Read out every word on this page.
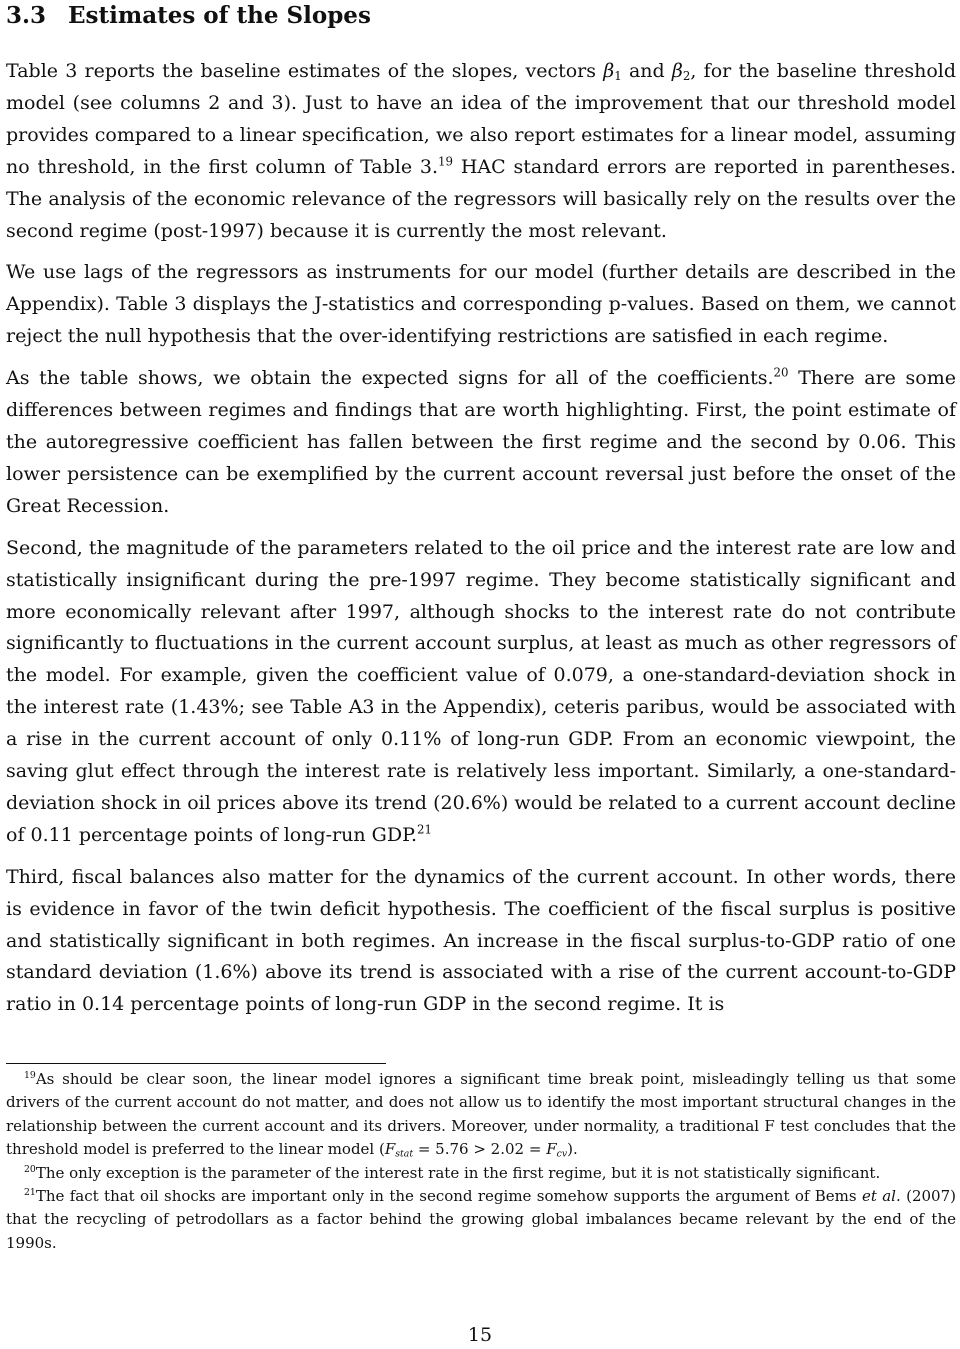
3.3 Estimates of the Slopes

Table 3 reports the baseline estimates of the slopes, vectors $\beta_1$ and $\beta_2$, for the baseline threshold model (see columns 2 and 3). Just to have an idea of the improvement that our threshold model provides compared to a linear specification, we also report estimates for a linear model, assuming no threshold, in the first column of Table 3.19 HAC standard errors are reported in parentheses. The analysis of the economic relevance of the regressors will basically rely on the results over the second regime (post-1997) because it is currently the most relevant.

We use lags of the regressors as instruments for our model (further details are described in the Appendix). Table 3 displays the J-statistics and corresponding p-values. Based on them, we cannot reject the null hypothesis that the over-identifying restrictions are satisfied in each regime.

As the table shows, we obtain the expected signs for all of the coefficients.$^{20}$ There are some differences between regimes and findings that are worth highlighting. First, the point estimate of the autoregressive coefficient has fallen between the first regime and the second by 0.06. This lower persistence can be exemplified by the current account reversal just before the onset of the Great Recession.

Second, the magnitude of the parameters related to the oil price and the interest rate are low and statistically insignificant during the pre-1997 regime. They become statistically significant and more economically relevant after 1997, although shocks to the interest rate do not contribute significantly to fluctuations in the current account surplus, at least as much as other regressors of the model. For example, given the coefficient value of 0.079, a one-standard-deviation shock in the interest rate (1.43%; see Table A3 in the Appendix), ceteris paribus, would be associated with a rise in the current account of only 0.11% of long-run GDP. From an economic viewpoint, the saving glut effect through the interest rate is relatively less important. Similarly, a one-standard-deviation shock in oil prices above its trend (20.6%) would be related to a current account decline of 0.11 percentage points of long-run GDP.$^{21}$

Third, fiscal balances also matter for the dynamics of the current account. In other words, there is evidence in favor of the twin deficit hypothesis. The coefficient of the fiscal surplus is positive and statistically significant in both regimes. An increase in the fiscal surplus-to-GDP ratio of one standard deviation (1.6%) above its trend is associated with a rise of the current account-to-GDP ratio in 0.14 percentage points of long-run GDP in the second regime. It is

$^{19}$As should be clear soon, the linear model ignores a significant time break point, misleadingly telling us that some drivers of the current account do not matter, and does not allow us to identify the most important structural changes in the relationship between the current account and its drivers. Moreover, under normality, a traditional F test concludes that the threshold model is preferred to the linear model $(F_{stat} = 5.76 > 2.02 = F_{cv})$.

$^{20}$The only exception is the parameter of the interest rate in the first regime, but it is not statistically significant.

$^{21}$The fact that oil shocks are important only in the second regime somehow supports the argument of Bems et al. (2007) that the recycling of petrodollars as a factor behind the growing global imbalances became relevant by the end of the 1990s.

15
